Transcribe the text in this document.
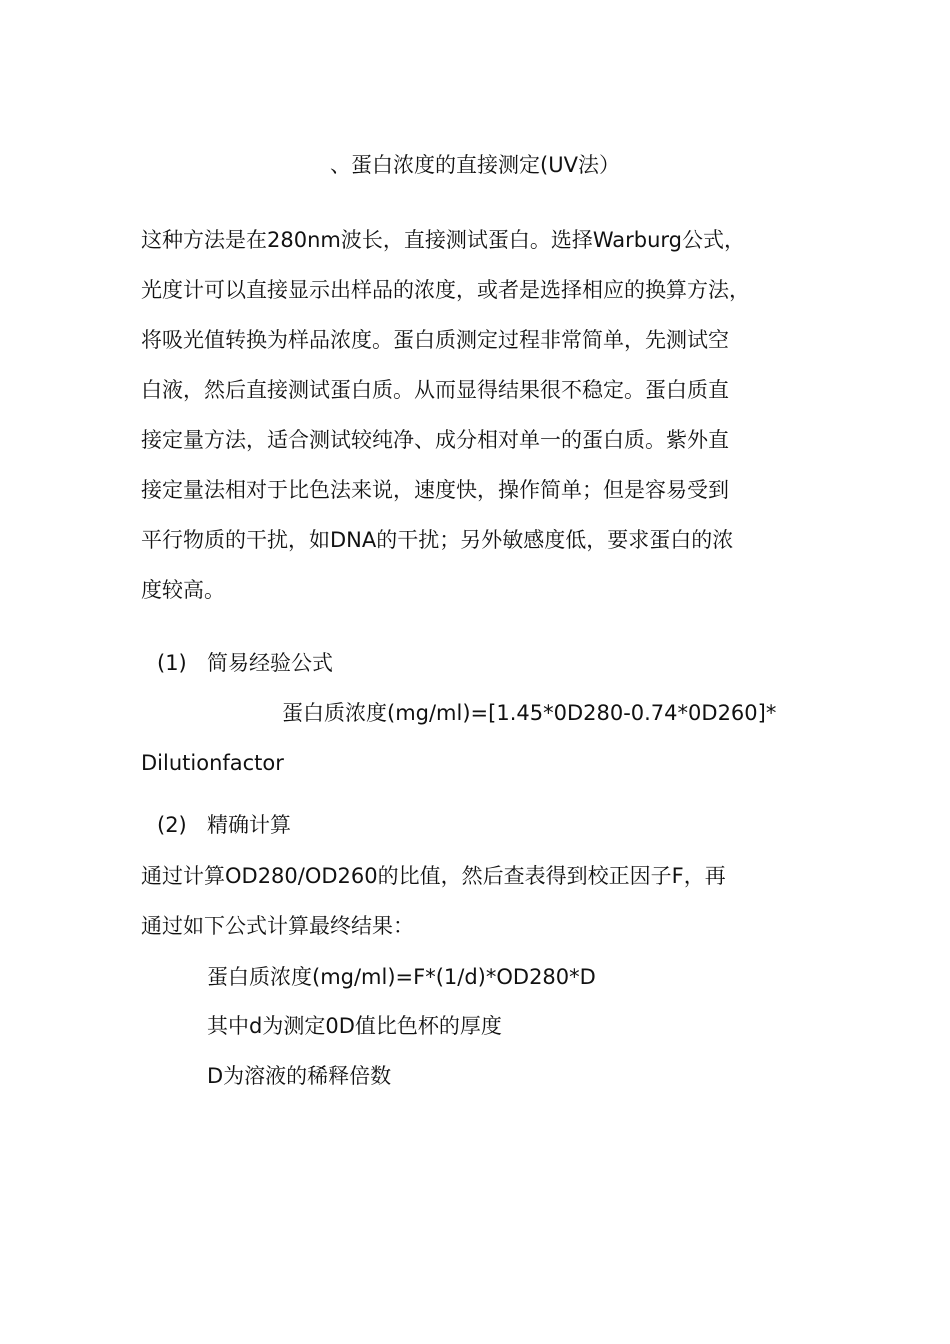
、蛋白浓度的直接测定(UV法）
这种方法是在280nm波长，直接测试蛋白。选择Warburg公式，
光度计可以直接显示出样品的浓度，或者是选择相应的换算方法，
将吸光值转换为样品浓度。蛋白质测定过程非常简单，先测试空
白液，然后直接测试蛋白质。从而显得结果很不稳定。蛋白质直
接定量方法，适合测试较纯净、成分相对单一的蛋白质。紫外直
接定量法相对于比色法来说，速度快，操作简单；但是容易受到
平行物质的干扰，如DNA的干扰；另外敏感度低，要求蛋白的浓
度较高。
(1) 简易经验公式
蛋白质浓度(mg/ml)=[1.45*0D280-0.74*0D260]*
Dilutionfactor
(2) 精确计算
通过计算OD280/OD260的比值，然后查表得到校正因子F，再
通过如下公式计算最终结果：
蛋白质浓度(mg/ml)=F*(1/d)*OD280*D
其中d为测定0D值比色杯的厚度
D为溶液的稀释倍数
